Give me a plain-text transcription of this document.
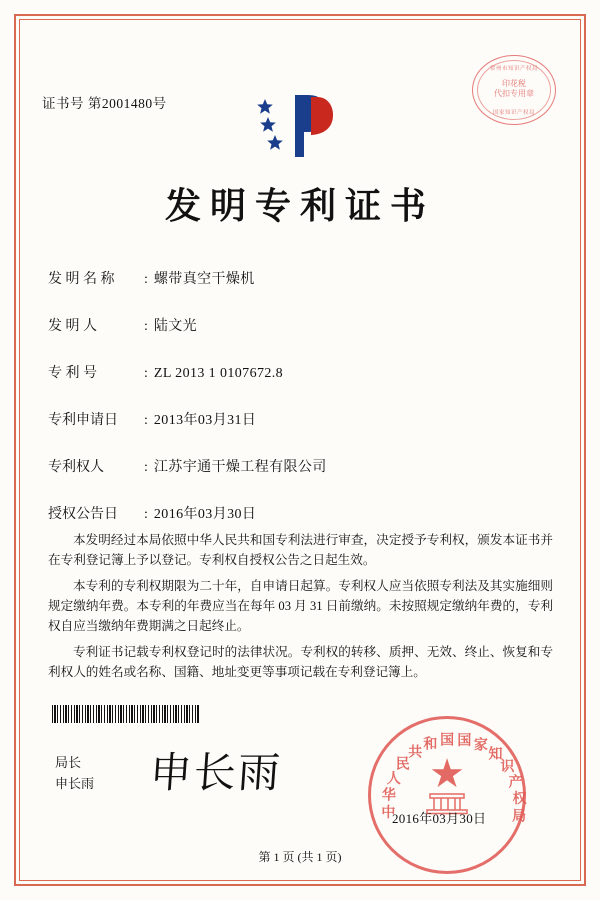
证书号 第2001480号
常州市知识产权局
印花税
代扣专用章
国家知识产权局
发明专利证书
发 明 名 称	: 螺带真空干燥机
发 明 人	: 陆文光
专 利 号	: ZL 2013 1 0107672.8
专利申请日	: 2013年03月31日
专利权人	: 江苏宇通干燥工程有限公司
授权公告日	: 2016年03月30日

本发明经过本局依照中华人民共和国专利法进行审查，决定授予专利权，颁发本证书并在专利登记簿上予以登记。专利权自授权公告之日起生效。

本专利的专利权期限为二十年，自申请日起算。专利权人应当依照专利法及其实施细则规定缴纳年费。本专利的年费应当在每年 03 月 31 日前缴纳。未按照规定缴纳年费的，专利权自应当缴纳年费期满之日起终止。

专利证书记载专利权登记时的法律状况。专利权的转移、质押、无效、终止、恢复和专利权人的姓名或名称、国籍、地址变更等事项记载在专利登记簿上。

局长
申长雨 申长雨	★
中
华
人
民
共
和 国 国 家
知
识
产
权
局
2016年03月30日
第 1 页 (共 1 页)
